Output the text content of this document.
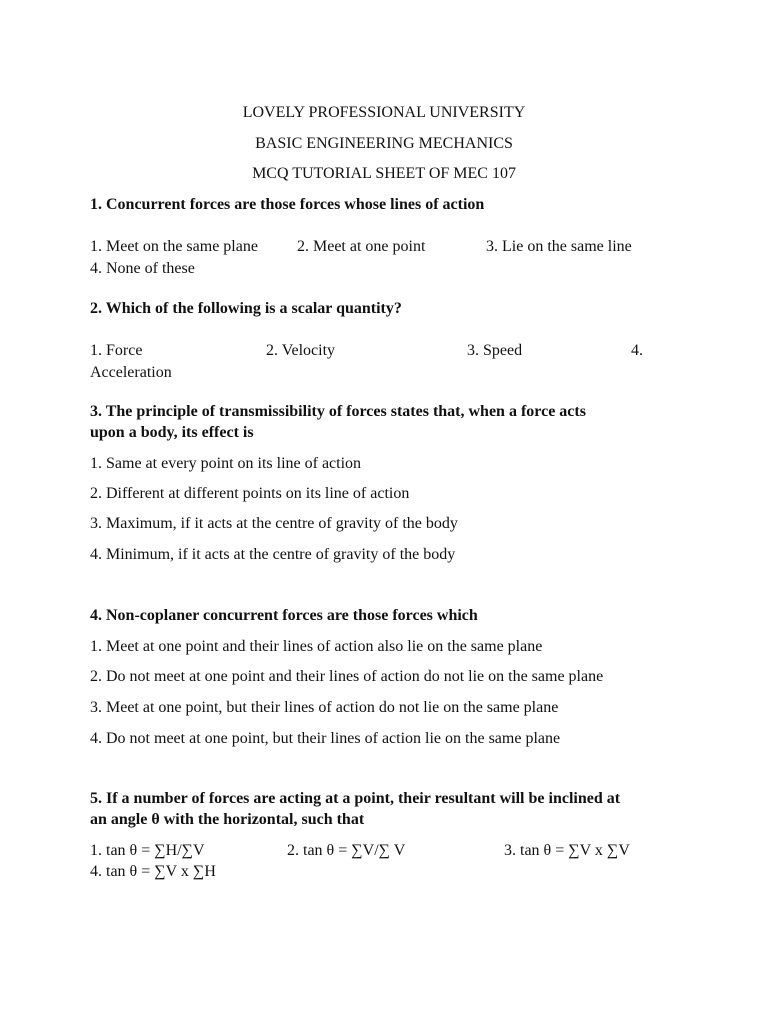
LOVELY PROFESSIONAL UNIVERSITY
BASIC ENGINEERING MECHANICS
MCQ TUTORIAL SHEET OF MEC 107
1. Concurrent forces are those forces whose lines of action
1. Meet on the same plane 2. Meet at one point	3. Lie on the same line
4. None of these
2. Which of the following is a scalar quantity?
1. Force	2. Velocity	3. Speed	4.
Acceleration
3. The principle of transmissibility of forces states that, when a force acts
upon a body, its effect is
1. Same at every point on its line of action
2. Different at different points on its line of action
3. Maximum, if it acts at the centre of gravity of the body
4. Minimum, if it acts at the centre of gravity of the body
4. Non-coplaner concurrent forces are those forces which
1. Meet at one point and their lines of action also lie on the same plane
2. Do not meet at one point and their lines of action do not lie on the same plane
3. Meet at one point, but their lines of action do not lie on the same plane
4. Do not meet at one point, but their lines of action lie on the same plane
5. If a number of forces are acting at a point, their resultant will be inclined at
an angle θ with the horizontal, such that
1. tan θ = ∑H/∑V	2. tan θ = ∑V/∑ V	3. tan θ = ∑V x ∑V
4. tan θ = ∑V x ∑H
